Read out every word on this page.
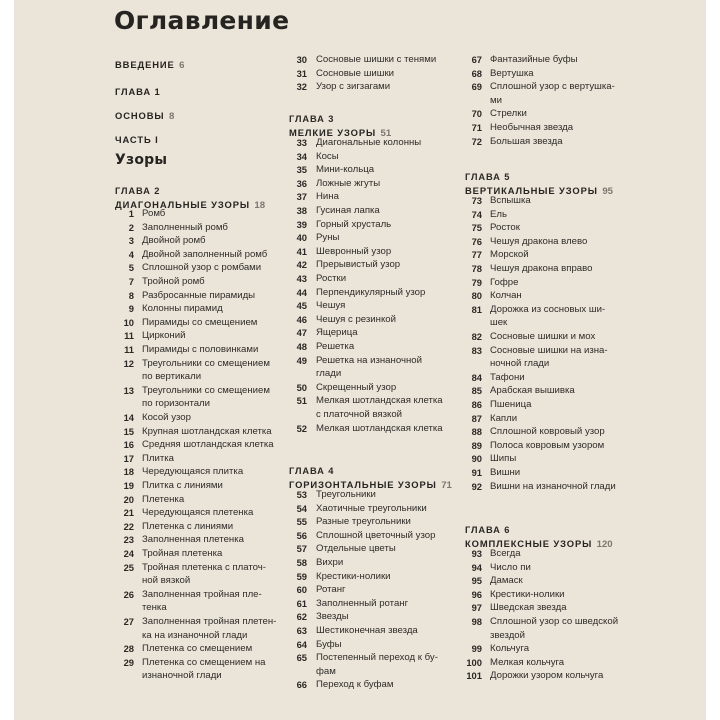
Оглавление
ВВЕДЕНИЕ 6
ГЛАВА 1
ОСНОВЫ 8
ЧАСТЬ I
Узоры
ГЛАВА 2
ДИАГОНАЛЬНЫЕ УЗОРЫ 18
1 Ромб
2 Заполненный ромб
3 Двойной ромб
4 Двойной заполненный ромб
5 Сплошной узор с ромбами
7 Тройной ромб
8 Разбросанные пирамиды
9 Колонны пирамид
10 Пирамиды со смещением
11 Цирконий
11 Пирамиды с половинками
12 Треугольники со смещением
по вертикали
13 Треугольники со смещением
по горизонтали
14 Косой узор
15 Крупная шотландская клетка
16 Средняя шотландская клетка
17 Плитка
18 Чередующаяся плитка
19 Плитка с линиями
20 Плетенка
21 Чередующаяся плетенка
22 Плетенка с линиями
23 Заполненная плетенка
24 Тройная плетенка
25 Тройная плетенка с платоч-
ной вязкой
26 Заполненная тройная пле-
тенка
27 Заполненная тройная плетен-
ка на изнаночной глади
28 Плетенка со смещением
29 Плетенка со смещением на
изнаночной глади
30 Сосновые шишки с тенями
31 Сосновые шишки
32 Узор с зигзагами
ГЛАВА 3
МЕЛКИЕ УЗОРЫ 51
33 Диагональные колонны
34 Косы
35 Мини-кольца
36 Ложные жгуты
37 Нина
38 Гусиная лапка
39 Горный хрусталь
40 Руны
41 Шевронный узор
42 Прерывистый узор
43 Ростки
44 Перпендикулярный узор
45 Чешуя
46 Чешуя с резинкой
47 Ящерица
48 Решетка
49 Решетка на изнаночной
глади
50 Скрещенный узор
51 Мелкая шотландская клетка
с платочной вязкой
52 Мелкая шотландская клетка
ГЛАВА 4
ГОРИЗОНТАЛЬНЫЕ УЗОРЫ 71
53 Треугольники
54 Хаотичные треугольники
55 Разные треугольники
56 Сплошной цветочный узор
57 Отдельные цветы
58 Вихри
59 Крестики-нолики
60 Ротанг
61 Заполненный ротанг
62 Звезды
63 Шестиконечная звезда
64 Буфы
65 Постепенный переход к бу-
фам
66 Переход к буфам
67 Фантазийные буфы
68 Вертушка
69 Сплошной узор с вертушка-
ми
70 Стрелки
71 Необычная звезда
72 Большая звезда
ГЛАВА 5
ВЕРТИКАЛЬНЫЕ УЗОРЫ 95
73 Вспышка
74 Ель
75 Росток
76 Чешуя дракона влево
77 Морской
78 Чешуя дракона вправо
79 Гофре
80 Колчан
81 Дорожка из сосновых ши-
шек
82 Сосновые шишки и мох
83 Сосновые шишки на изна-
ночной глади
84 Тафони
85 Арабская вышивка
86 Пшеница
87 Капли
88 Сплошной ковровый узор
89 Полоса ковровым узором
90 Шипы
91 Вишни
92 Вишни на изнаночной глади
ГЛАВА 6
КОМПЛЕКСНЫЕ УЗОРЫ 120
93 Всегда
94 Число пи
95 Дамаск
96 Крестики-нолики
97 Шведская звезда
98 Сплошной узор со шведской
звездой
99 Кольчуга
100 Мелкая кольчуга
101 Дорожки узором кольчуга
